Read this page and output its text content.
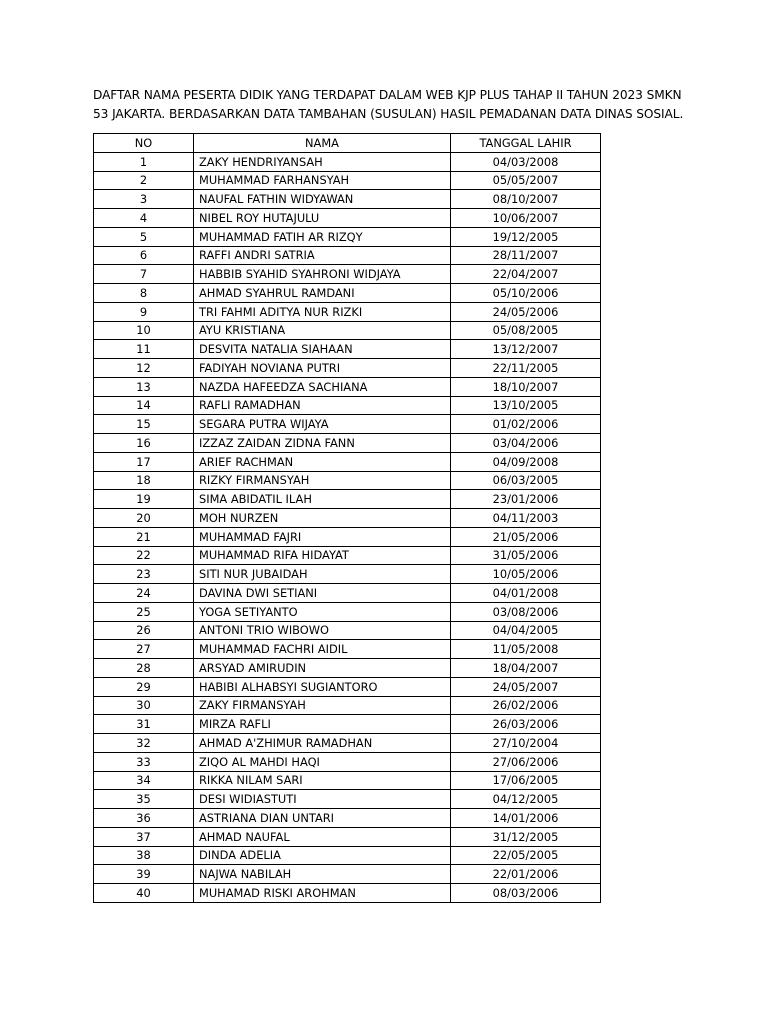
DAFTAR NAMA PESERTA DIDIK YANG TERDAPAT DALAM WEB KJP PLUS TAHAP II TAHUN 2023 SMKN
53 JAKARTA. BERDASARKAN DATA TAMBAHAN (SUSULAN) HASIL PEMADANAN DATA DINAS SOSIAL.
NO	NAMA	TANGGAL LAHIR
1	ZAKY HENDRIYANSAH	04/03/2008
2	MUHAMMAD FARHANSYAH	05/05/2007
3	NAUFAL FATHIN WIDYAWAN	08/10/2007
4	NIBEL ROY HUTAJULU	10/06/2007
5	MUHAMMAD FATIH AR RIZQY	19/12/2005
6	RAFFI ANDRI SATRIA	28/11/2007
7	HABBIB SYAHID SYAHRONI WIDJAYA	22/04/2007
8	AHMAD SYAHRUL RAMDANI	05/10/2006
9	TRI FAHMI ADITYA NUR RIZKI	24/05/2006
10	AYU KRISTIANA	05/08/2005
11	DESVITA NATALIA SIAHAAN	13/12/2007
12	FADIYAH NOVIANA PUTRI	22/11/2005
13	NAZDA HAFEEDZA SACHIANA	18/10/2007
14	RAFLI RAMADHAN	13/10/2005
15	SEGARA PUTRA WIJAYA	01/02/2006
16	IZZAZ ZAIDAN ZIDNA FANN	03/04/2006
17	ARIEF RACHMAN	04/09/2008
18	RIZKY FIRMANSYAH	06/03/2005
19	SIMA ABIDATIL ILAH	23/01/2006
20	MOH NURZEN	04/11/2003
21	MUHAMMAD FAJRI	21/05/2006
22	MUHAMMAD RIFA HIDAYAT	31/05/2006
23	SITI NUR JUBAIDAH	10/05/2006
24	DAVINA DWI SETIANI	04/01/2008
25	YOGA SETIYANTO	03/08/2006
26	ANTONI TRIO WIBOWO	04/04/2005
27	MUHAMMAD FACHRI AIDIL	11/05/2008
28	ARSYAD AMIRUDIN	18/04/2007
29	HABIBI ALHABSYI SUGIANTORO	24/05/2007
30	ZAKY FIRMANSYAH	26/02/2006
31	MIRZA RAFLI	26/03/2006
32	AHMAD A'ZHIMUR RAMADHAN	27/10/2004
33	ZIQO AL MAHDI HAQI	27/06/2006
34	RIKKA NILAM SARI	17/06/2005
35	DESI WIDIASTUTI	04/12/2005
36	ASTRIANA DIAN UNTARI	14/01/2006
37	AHMAD NAUFAL	31/12/2005
38	DINDA ADELIA	22/05/2005
39	NAJWA NABILAH	22/01/2006
40	MUHAMAD RISKI AROHMAN	08/03/2006
